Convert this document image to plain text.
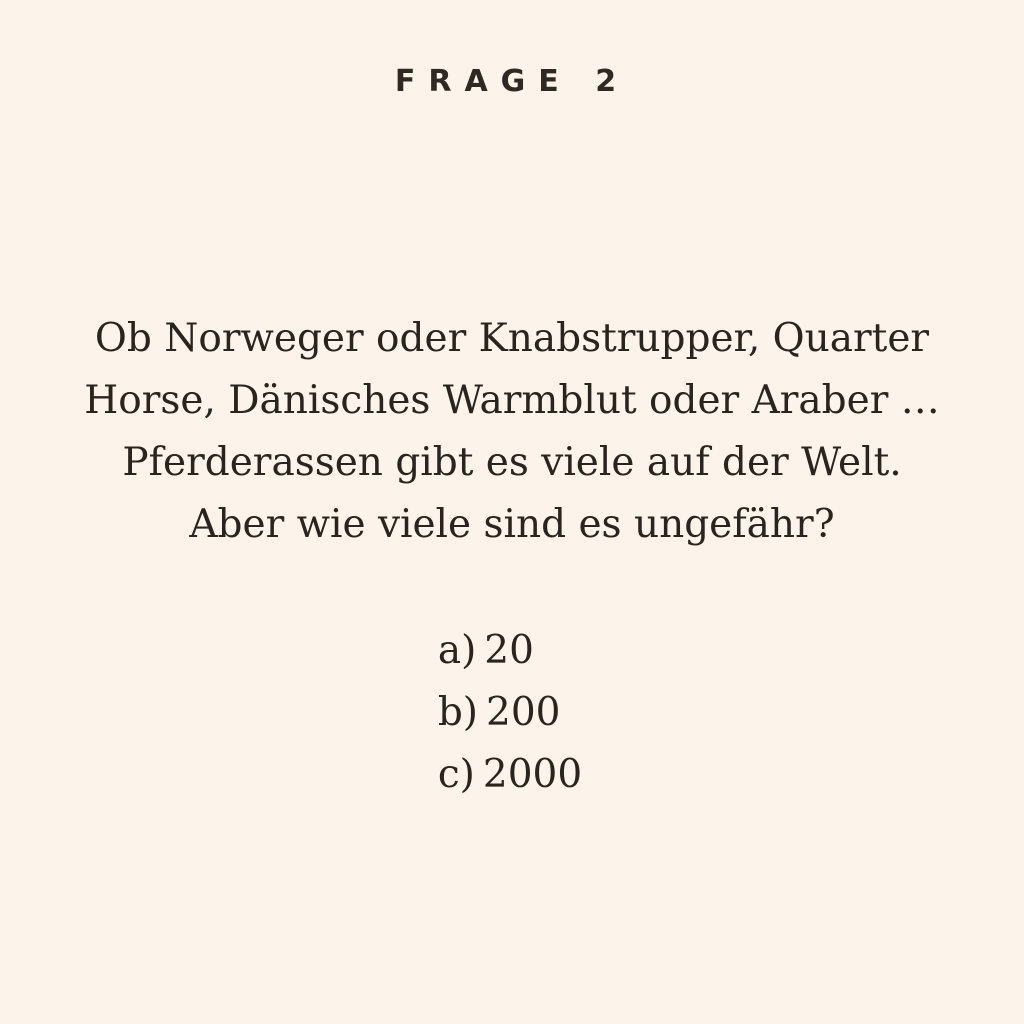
FRAGE 2
Ob Norweger oder Knabstrupper, Quarter
Horse, Dänisches Warmblut oder Araber …
Pferderassen gibt es viele auf der Welt.
Aber wie viele sind es ungefähr?
a) 20
b) 200
c) 2000
